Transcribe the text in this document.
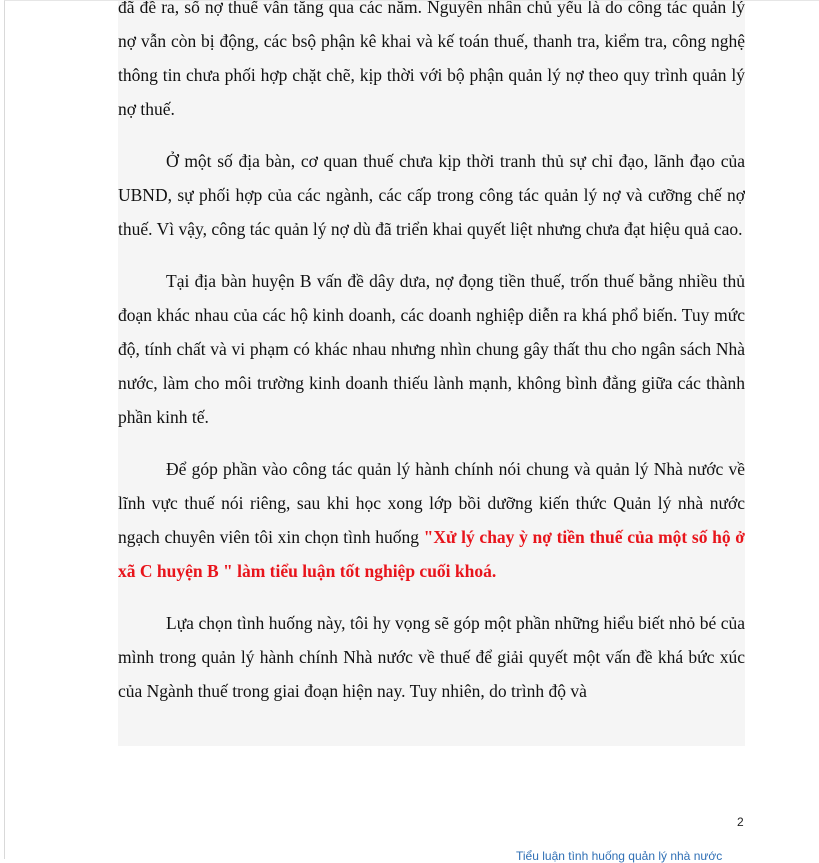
đã đề ra, số nợ thuế vẫn tăng qua các năm. Nguyên nhân chủ yếu là do công tác quản lý nợ vẫn còn bị động, các bsộ phận kê khai và kế toán thuế, thanh tra, kiểm tra, công nghệ thông tin chưa phối hợp chặt chẽ, kịp thời với bộ phận quản lý nợ theo quy trình quản lý nợ thuế.

Ở một số địa bàn, cơ quan thuế chưa kịp thời tranh thủ sự chỉ đạo, lãnh đạo của UBND, sự phối hợp của các ngành, các cấp trong công tác quản lý nợ và cưỡng chế nợ thuế. Vì vậy, công tác quản lý nợ dù đã triển khai quyết liệt nhưng chưa đạt hiệu quả cao.

Tại địa bàn huyện B vấn đề dây dưa, nợ đọng tiền thuế, trốn thuế bằng nhiều thủ đoạn khác nhau của các hộ kinh doanh, các doanh nghiệp diễn ra khá phổ biến. Tuy mức độ, tính chất và vi phạm có khác nhau nhưng nhìn chung gây thất thu cho ngân sách Nhà nước, làm cho môi trường kinh doanh thiếu lành mạnh, không bình đẳng giữa các thành phần kinh tế.

Để góp phần vào công tác quản lý hành chính nói chung và quản lý Nhà nước về lĩnh vực thuế nói riêng, sau khi học xong lớp bồi dưỡng kiến thức Quản lý nhà nước ngạch chuyên viên tôi xin chọn tình huống "Xử lý chay ỳ nợ tiền thuế của một số hộ ở xã C huyện B " làm tiểu luận tốt nghiệp cuối khoá.

Lựa chọn tình huống này, tôi hy vọng sẽ góp một phần những hiểu biết nhỏ bé của mình trong quản lý hành chính Nhà nước về thuế để giải quyết một vấn đề khá bức xúc của Ngành thuế trong giai đoạn hiện nay. Tuy nhiên, do trình độ và

2
Tiểu luận tình huống quản lý nhà nước
